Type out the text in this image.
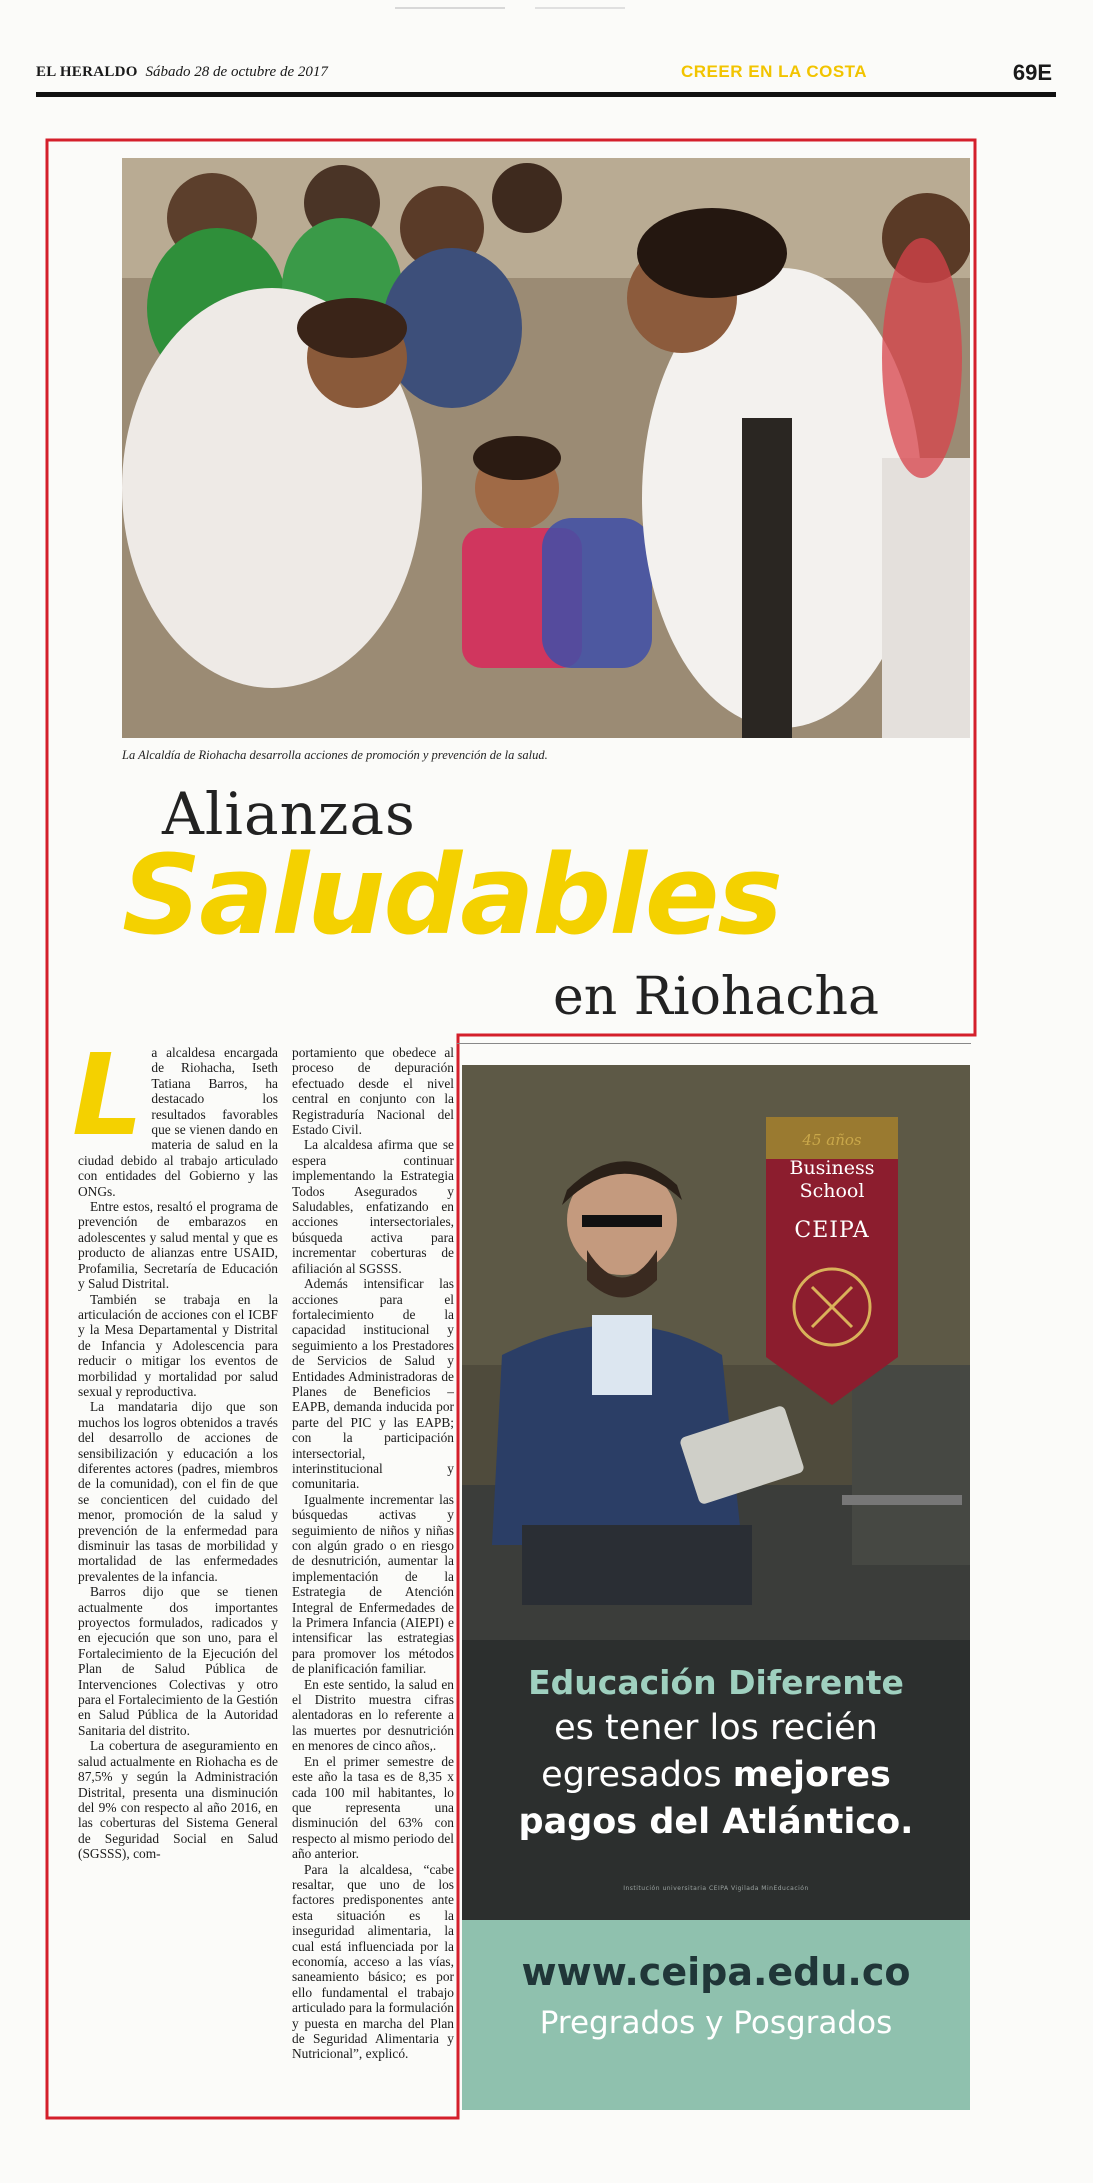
EL HERALDO Sábado 28 de octubre de 2017	CREER EN LA COSTA	69E
La Alcaldía de Riohacha desarrolla acciones de promoción y prevención de la salud.
Alianzas
Saludables
en Riohacha
L a alcaldesa encargada de Riohacha, Iseth Tatiana Barros, ha destacado los resultados favorables que se vienen dando en materia de salud en la ciudad debido al trabajo articulado con entidades del Gobierno y las ONGs.

Entre estos, resaltó el programa de prevención de embarazos en adolescentes y salud mental y que es producto de alianzas entre USAID, Profamilia, Secretaría de Educación y Salud Distrital.

También se trabaja en la articulación de acciones con el ICBF y la Mesa Departamental y Distrital de Infancia y Adolescencia para reducir o mitigar los eventos de morbilidad y mortalidad por salud sexual y reproductiva.

La mandataria dijo que son muchos los logros obtenidos a través del desarrollo de acciones de sensibilización y educación a los diferentes actores (padres, miembros de la comunidad), con el fin de que se concienticen del cuidado del menor, promoción de la salud y prevención de la enfermedad para disminuir las tasas de morbilidad y mortalidad de las enfermedades prevalentes de la infancia.

Barros dijo que se tienen actualmente dos importantes proyectos formulados, radicados y en ejecución que son uno, para el Fortalecimiento de la Ejecución del Plan de Salud Pública de Intervenciones Colectivas y otro para el Fortalecimiento de la Gestión en Salud Pública de la Autoridad Sanitaria del distrito.

La cobertura de aseguramiento en salud actualmente en Riohacha es de 87,5% y según la Administración Distrital, presenta una disminución del 9% con respecto al año 2016, en las coberturas del Sistema General de Seguridad Social en Salud (SGSSS), com-

portamiento que obedece al proceso de depuración efectuado desde el nivel central en conjunto con la Registraduría Nacional del Estado Civil.

La alcaldesa afirma que se espera continuar implementando la Estrategia Todos Asegurados y Saludables, enfatizando en acciones intersectoriales, búsqueda activa para incrementar coberturas de afiliación al SGSSS.

Además intensificar las acciones para el fortalecimiento de la capacidad institucional y seguimiento a los Prestadores de Servicios de Salud y Entidades Administradoras de Planes de Beneficios – EAPB, demanda inducida por parte del PIC y las EAPB; con la participación intersectorial, interinstitucional y comunitaria.

Igualmente incrementar las búsquedas activas y seguimiento de niños y niñas con algún grado o en riesgo de desnutrición, aumentar la implementación de la Estrategia de Atención Integral de Enfermedades de la Primera Infancia (AIEPI) e intensificar las estrategias para promover los métodos de planificación familiar.

En este sentido, la salud en el Distrito muestra cifras alentadoras en lo referente a las muertes por desnutrición en menores de cinco años,.

En el primer semestre de este año la tasa es de 8,35 x cada 100 mil habitantes, lo que representa una disminución del 63% con respecto al mismo periodo del año anterior.

Para la alcaldesa, “cabe resaltar, que uno de los factores predisponentes ante esta situación es la inseguridad alimentaria, la cual está influenciada por la economía, acceso a las vías, saneamiento básico; es por ello fundamental el trabajo articulado para la formulación y puesta en marcha del Plan de Seguridad Alimentaria y Nutricional”, explicó.

45 años
Business
School
CEIPA
Educación Diferente
es tener los recién
egresados mejores
pagos del Atlántico.
Institución universitaria CEIPA Vigilada MinEducación
www.ceipa.edu.co
Pregrados y Posgrados
